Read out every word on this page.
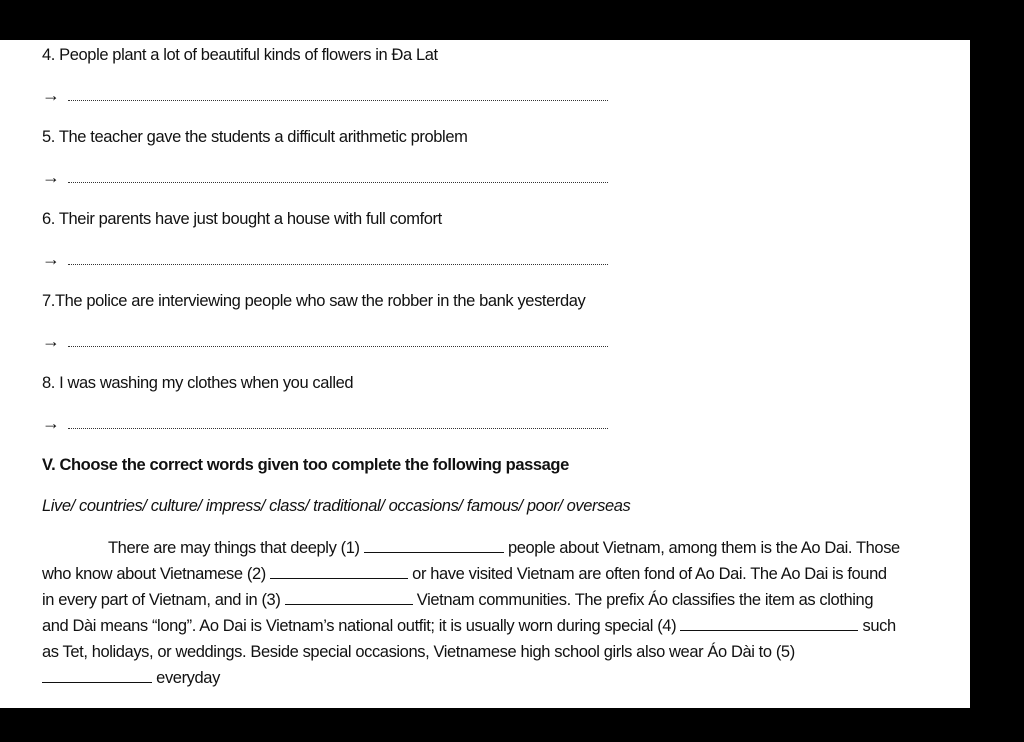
4. People plant a lot of beautiful kinds of flowers in Đa Lat
→
5. The teacher gave the students a difficult arithmetic problem
→
6. Their parents have just bought a house with full comfort
→
7.The police are interviewing people who saw the robber in the bank yesterday
→
8. I was washing my clothes when you called
→
V. Choose the correct words given too complete the following passage
Live/ countries/ culture/ impress/ class/ traditional/ occasions/ famous/ poor/ overseas

There are may things that deeply (1)	people about Vietnam, among them is the Ao Dai. Those who know about Vietnamese (2)	or have visited Vietnam are often fond of Ao Dai. The Ao Dai is found in every part of Vietnam, and in (3)	Vietnam communities. The prefix Áo classifies the item as clothing and Dài means “long”. Ao Dai is Vietnam’s national outfit; it is usually worn during special (4)	such as Tet, holidays, or weddings. Beside special occasions, Vietnamese high school girls also wear Áo Dài to (5)  everyday
